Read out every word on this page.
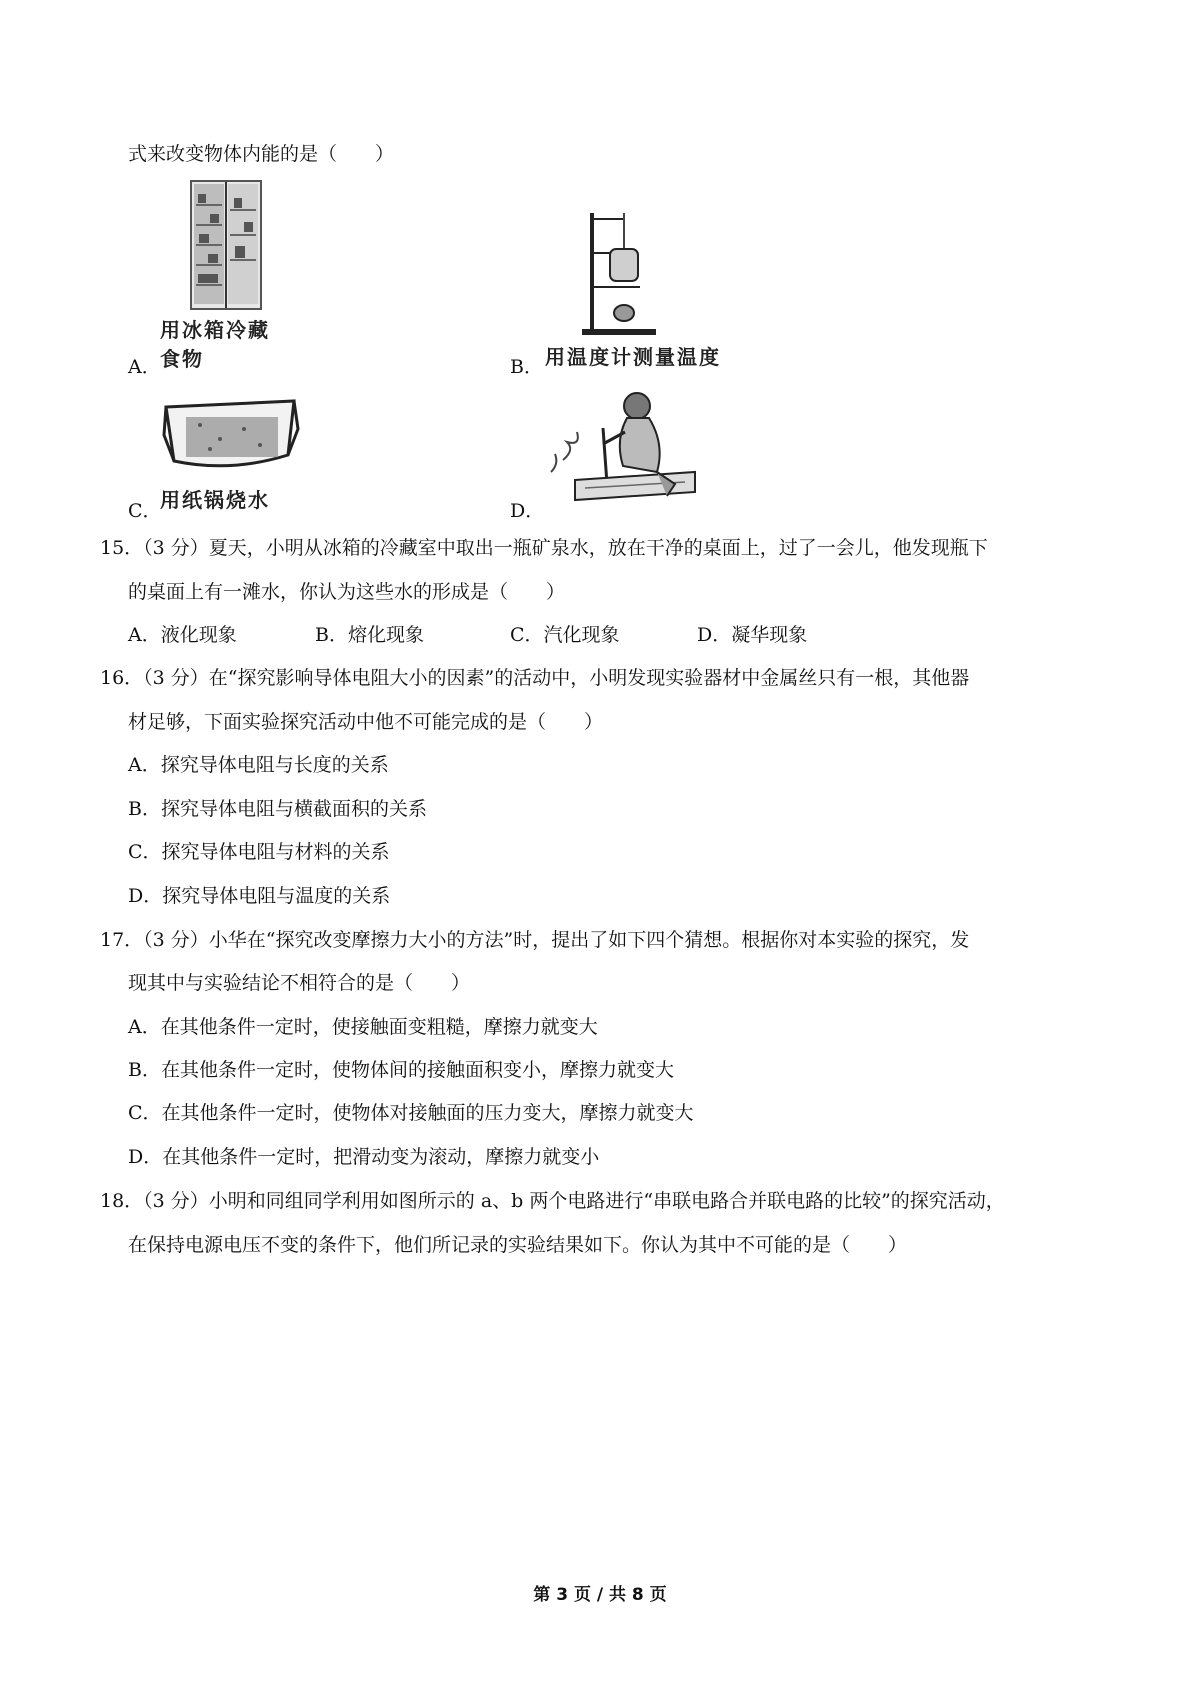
式来改变物体内能的是（　　）
用冰箱冷藏
A． 食物	B． 用温度计测量温度
C．
用纸锅烧水	D．
15．（3 分）夏天，小明从冰箱的冷藏室中取出一瓶矿泉水，放在干净的桌面上，过了一会儿，他发现瓶下
的桌面上有一滩水，你认为这些水的形成是（　　）
A．液化现象	B．熔化现象	C．汽化现象	D．凝华现象
16．（3 分）在“探究影响导体电阻大小的因素”的活动中，小明发现实验器材中金属丝只有一根，其他器
材足够，下面实验探究活动中他不可能完成的是（　　）
A．探究导体电阻与长度的关系
B．探究导体电阻与横截面积的关系
C．探究导体电阻与材料的关系
D．探究导体电阻与温度的关系
17．（3 分）小华在“探究改变摩擦力大小的方法”时，提出了如下四个猜想。根据你对本实验的探究，发
现其中与实验结论不相符合的是（　　）
A．在其他条件一定时，使接触面变粗糙，摩擦力就变大
B．在其他条件一定时，使物体间的接触面积变小，摩擦力就变大
C．在其他条件一定时，使物体对接触面的压力变大，摩擦力就变大
D．在其他条件一定时，把滑动变为滚动，摩擦力就变小
18．（3 分）小明和同组同学利用如图所示的 a、b 两个电路进行“串联电路合并联电路的比较”的探究活动，
在保持电源电压不变的条件下，他们所记录的实验结果如下。你认为其中不可能的是（　　）
第 3 页 / 共 8 页
